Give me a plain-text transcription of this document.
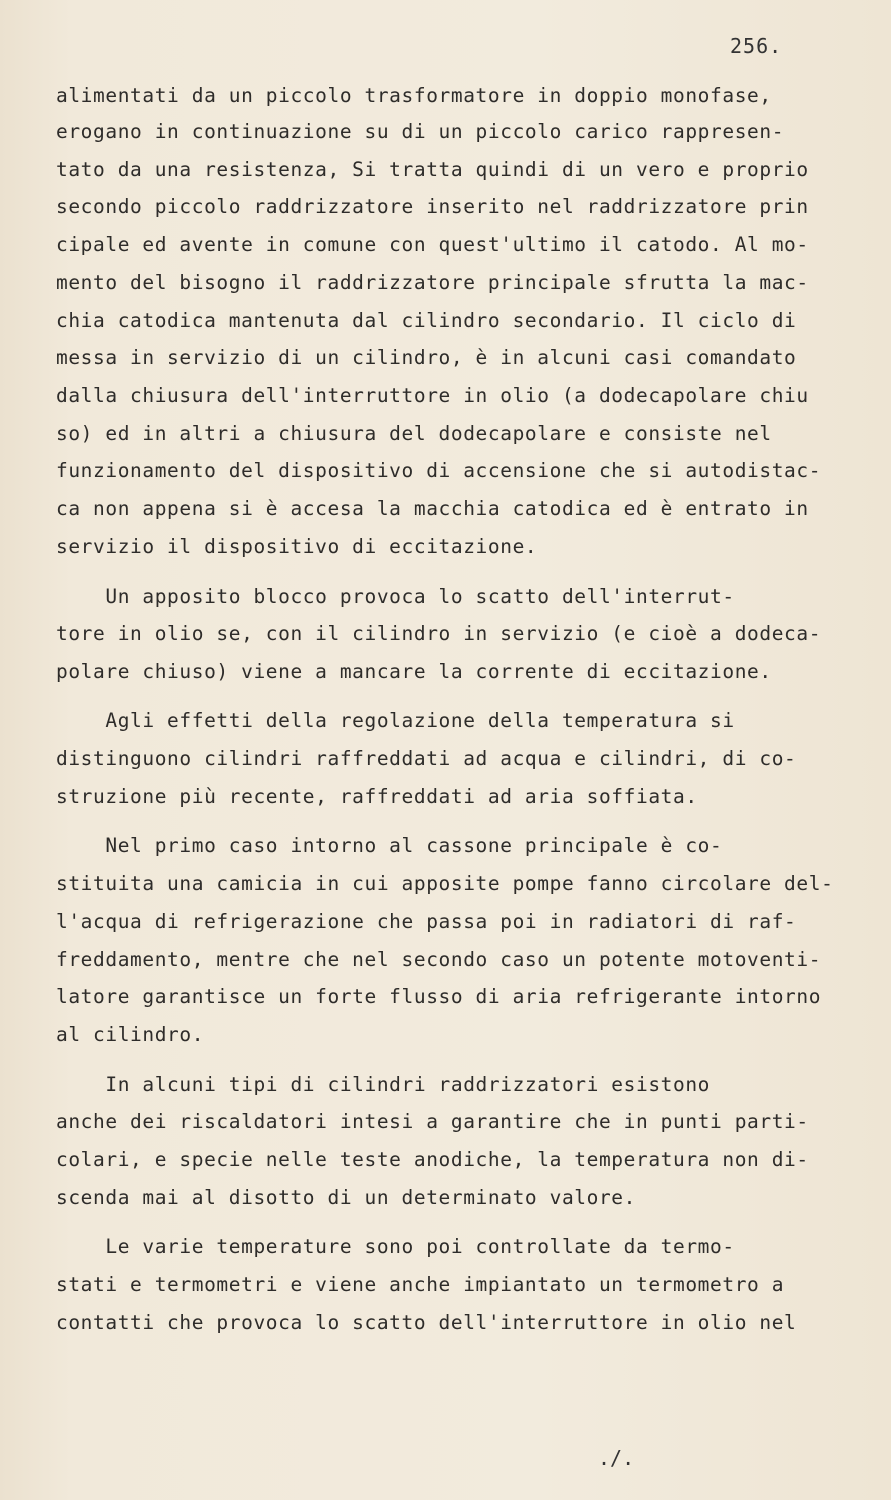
256.
alimentati da un piccolo trasformatore in doppio monofase,
erogano in continuazione su di un piccolo carico rappresen-
tato da una resistenza, Si tratta quindi di un vero e proprio
secondo piccolo raddrizzatore inserito nel raddrizzatore prin
cipale ed avente in comune con quest'ultimo il catodo. Al mo-
mento del bisogno il raddrizzatore principale sfrutta la mac-
chia catodica mantenuta dal cilindro secondario. Il ciclo di
messa in servizio di un cilindro, è in alcuni casi comandato
dalla chiusura dell'interruttore in olio (a dodecapolare chiu
so) ed in altri a chiusura del dodecapolare e consiste nel
funzionamento del dispositivo di accensione che si autodistac-
ca non appena si è accesa la macchia catodica ed è entrato in
servizio il dispositivo di eccitazione.
Un apposito blocco provoca lo scatto dell'interrut-
tore in olio se, con il cilindro in servizio (e cioè a dodeca-
polare chiuso) viene a mancare la corrente di eccitazione.
Agli effetti della regolazione della temperatura si
distinguono cilindri raffreddati ad acqua e cilindri, di co-
struzione più recente, raffreddati ad aria soffiata.
Nel primo caso intorno al cassone principale è co-
stituita una camicia in cui apposite pompe fanno circolare del-
l'acqua di refrigerazione che passa poi in radiatori di raf-
freddamento, mentre che nel secondo caso un potente motoventi-
latore garantisce un forte flusso di aria refrigerante intorno
al cilindro.
In alcuni tipi di cilindri raddrizzatori esistono
anche dei riscaldatori intesi a garantire che in punti parti-
colari, e specie nelle teste anodiche, la temperatura non di-
scenda mai al disotto di un determinato valore.
Le varie temperature sono poi controllate da termo-
stati e termometri e viene anche impiantato un termometro a
contatti che provoca lo scatto dell'interruttore in olio nel
./.
